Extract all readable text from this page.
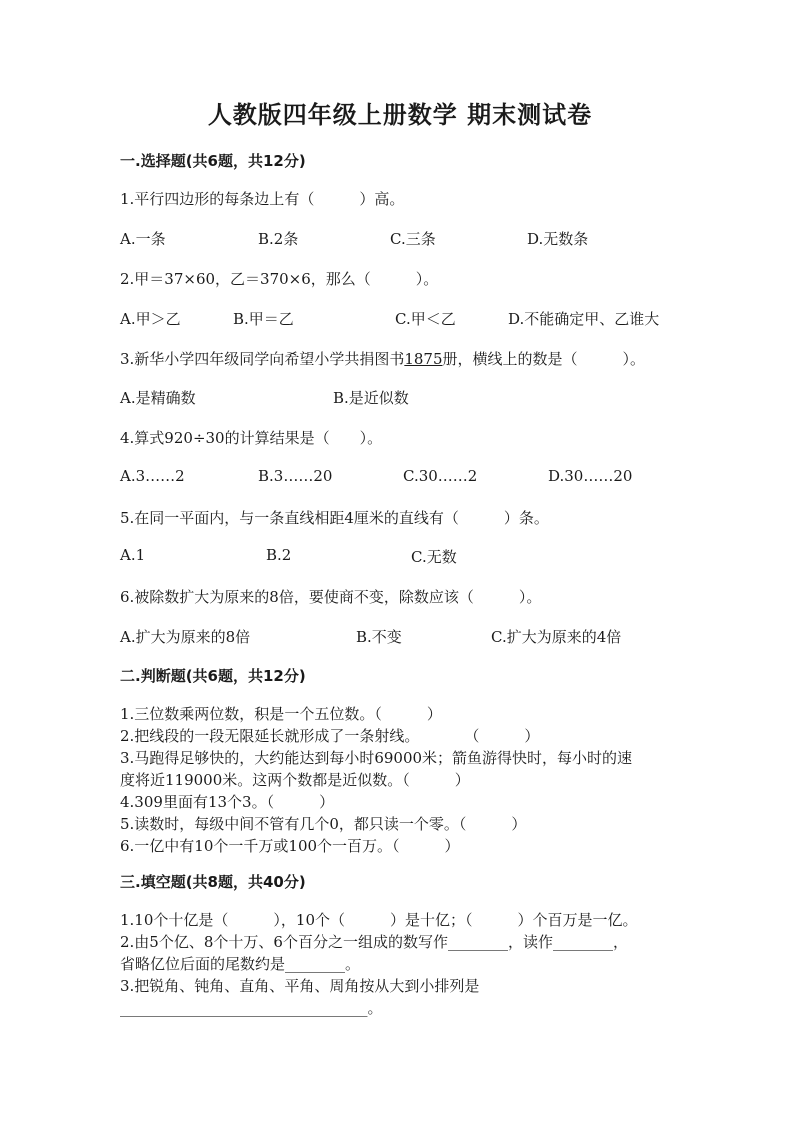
人教版四年级上册数学 期末测试卷
一.选择题(共6题，共12分)
1.平行四边形的每条边上有（　　　）高。
A.一条	B.2条	C.三条	D.无数条
2.甲＝37×60，乙＝370×6，那么（　　　）。
A.甲＞乙	B.甲＝乙	C.甲＜乙	D.不能确定甲、乙谁大
3.新华小学四年级同学向希望小学共捐图书1875册，横线上的数是（　　　）。
A.是精确数	B.是近似数
4.算式920÷30的计算结果是（　　）。
A.3……2	B.3……20	C.30……2	D.30……20
5.在同一平面内，与一条直线相距4厘米的直线有（　　　）条。
A.1	B.2	C.无数
6.被除数扩大为原来的8倍，要使商不变，除数应该（　　　）。
A.扩大为原来的8倍	B.不变	C.扩大为原来的4倍
二.判断题(共6题，共12分)
1.三位数乘两位数，积是一个五位数。（　　　）
2.把线段的一段无限延长就形成了一条射线。　　　　（　　　）
3.马跑得足够快的，大约能达到每小时69000米；箭鱼游得快时，每小时的速
度将近119000米。这两个数都是近似数。（　　　）
4.309里面有13个3。（　　　）
5.读数时，每级中间不管有几个0，都只读一个零。（　　　）
6.一亿中有10个一千万或100个一百万。（　　　）
三.填空题(共8题，共40分)
1.10个十亿是（　　　），10个（　　　）是十亿；（　　　）个百万是一亿。
2.由5个亿、8个十万、6个百分之一组成的数写作________，读作________，
省略亿位后面的尾数约是________。
3.把锐角、钝角、直角、平角、周角按从大到小排列是
_________________________________。
